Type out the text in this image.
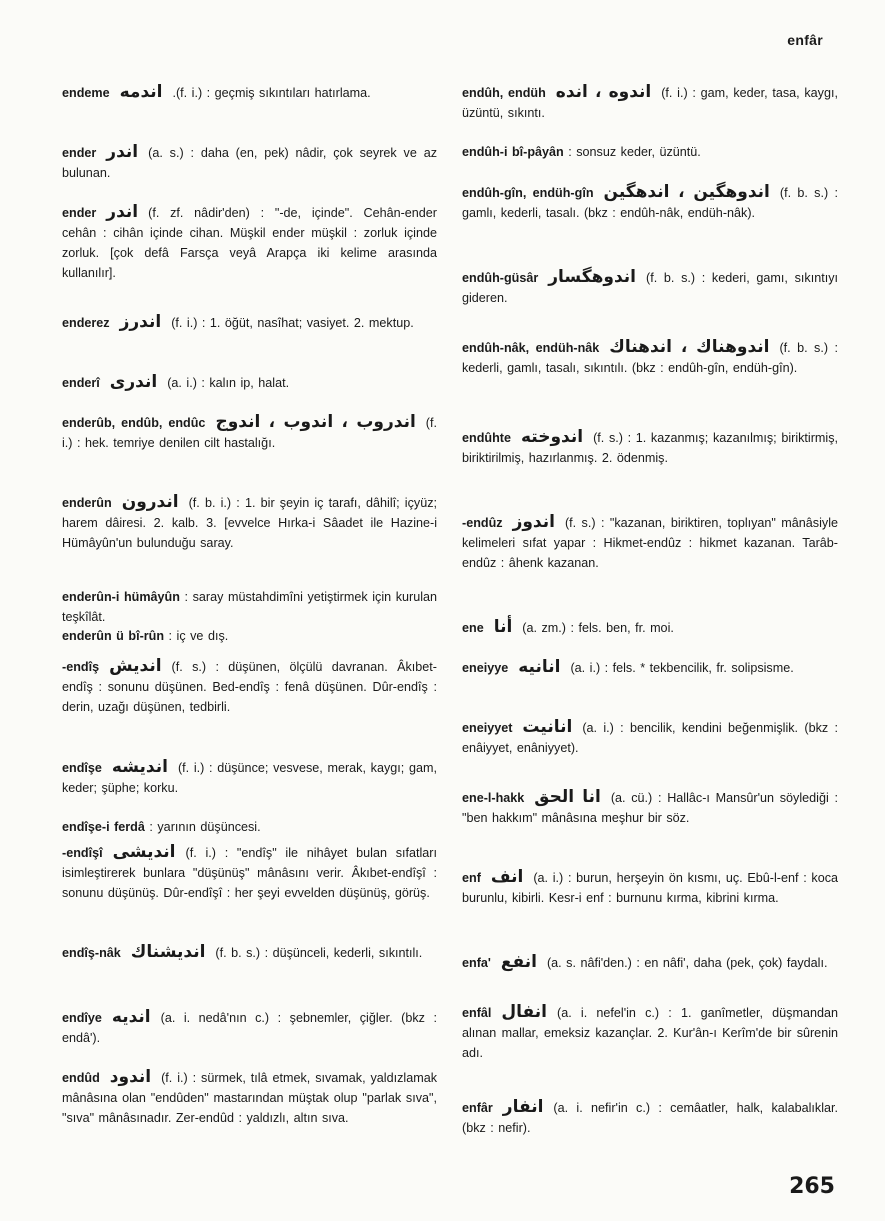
enfâr

endeme اندمه .(f. i.) : geçmiş sıkıntıları hatırlama.

ender اندر (a. s.) : daha (en, pek) nâdir, çok seyrek ve az bulunan.

ender اندر (f. zf. nâdir'den) : "-de, içinde". Cehân-ender cehân : cihân içinde cihan. Müşkil ender müşkil : zorluk içinde zorluk. [çok defâ Farsça veyâ Arapça iki kelime arasında kullanılır].

enderez اندرز (f. i.) : 1. öğüt, nasîhat; vasiyet. 2. mektup.

enderî اندرى (a. i.) : kalın ip, halat.

enderûb, endûb, endûc اندروب ، اندوب ، اندوج (f. i.) : hek. temriye denilen cilt hastalığı.

enderûn اندرون (f. b. i.) : 1. bir şeyin iç tarafı, dâhilî; içyüz; harem dâiresi. 2. kalb. 3. [evvelce Hırka-i Sâadet ile Hazine-i Hümâyûn'un bulunduğu saray.

enderûn-i hümâyûn : saray müstahdimîni yetiştirmek için kurulan teşkîlât.

enderûn ü bî-rûn : iç ve dış.

-endîş انديش (f. s.) : düşünen, ölçülü davranan. Âkıbet-endîş : sonunu düşünen. Bed-endîş : fenâ düşünen. Dûr-endîş : derin, uzağı düşünen, tedbirli.

endîşe انديشه (f. i.) : düşünce; vesvese, merak, kaygı; gam, keder; şüphe; korku.

endîşe-i ferdâ : yarının düşüncesi.

-endîşî انديشى (f. i.) : "endîş" ile nihâyet bulan sıfatları isimleştirerek bunlara "düşünüş" mânâsını verir. Âkıbet-endîşî : sonunu düşünüş. Dûr-endîşî : her şeyi evvelden düşünüş, görüş.

endîş-nâk انديشناك (f. b. s.) : düşünceli, kederli, sıkıntılı.

endîye انديه (a. i. nedâ'nın c.) : şebnemler, çiğler. (bkz : endâ').

endûd اندود (f. i.) : sürmek, tılâ etmek, sıvamak, yaldızlamak mânâsına olan "endûden" mastarından müştak olup "parlak sıva", "sıva" mânâsınadır. Zer-endûd : yaldızlı, altın sıva.

endûh, endüh اندوه ، انده (f. i.) : gam, keder, tasa, kaygı, üzüntü, sıkıntı.

endûh-i bî-pâyân : sonsuz keder, üzüntü.

endûh-gîn, endüh-gîn اندوهگين ، اندهگين (f. b. s.) : gamlı, kederli, tasalı. (bkz : endûh-nâk, endüh-nâk).

endûh-güsâr اندوهگسار (f. b. s.) : kederi, gamı, sıkıntıyı gideren.

endûh-nâk, endüh-nâk اندوهناك ، اندهناك (f. b. s.) : kederli, gamlı, tasalı, sıkıntılı. (bkz : endûh-gîn, endüh-gîn).

endûhte اندوخته (f. s.) : 1. kazanmış; kazanılmış; biriktirmiş, biriktirilmiş, hazırlanmış. 2. ödenmiş.

-endûz اندوز (f. s.) : "kazanan, biriktiren, toplıyan" mânâsiyle kelimeleri sıfat yapar : Hikmet-endûz : hikmet kazanan. Tarâb-endûz : âhenk kazanan.

ene أنا (a. zm.) : fels. ben, fr. moi.

eneiyye انانيه (a. i.) : fels. * tekbencilik, fr. solipsisme.

eneiyyet انانيت (a. i.) : bencilik, kendini beğenmişlik. (bkz : enâiyyet, enâniyyet).

ene-l-hakk انا الحق (a. cü.) : Hallâc-ı Mansûr'un söylediği : "ben hakkım" mânâsına meşhur bir söz.

enf انف (a. i.) : burun, herşeyin ön kısmı, uç. Ebû-l-enf : koca burunlu, kibirli. Kesr-i enf : burnunu kırma, kibrini kırma.

enfa' انفع (a. s. nâfi'den.) : en nâfi', daha (pek, çok) faydalı.

enfâl انفال (a. i. nefel'in c.) : 1. ganîmetler, düşmandan alınan mallar, emeksiz kazançlar. 2. Kur'ân-ı Kerîm'de bir sûrenin adı.

enfâr انفار (a. i. nefir'in c.) : cemâatler, halk, kalabalıklar. (bkz : nefir).

265
